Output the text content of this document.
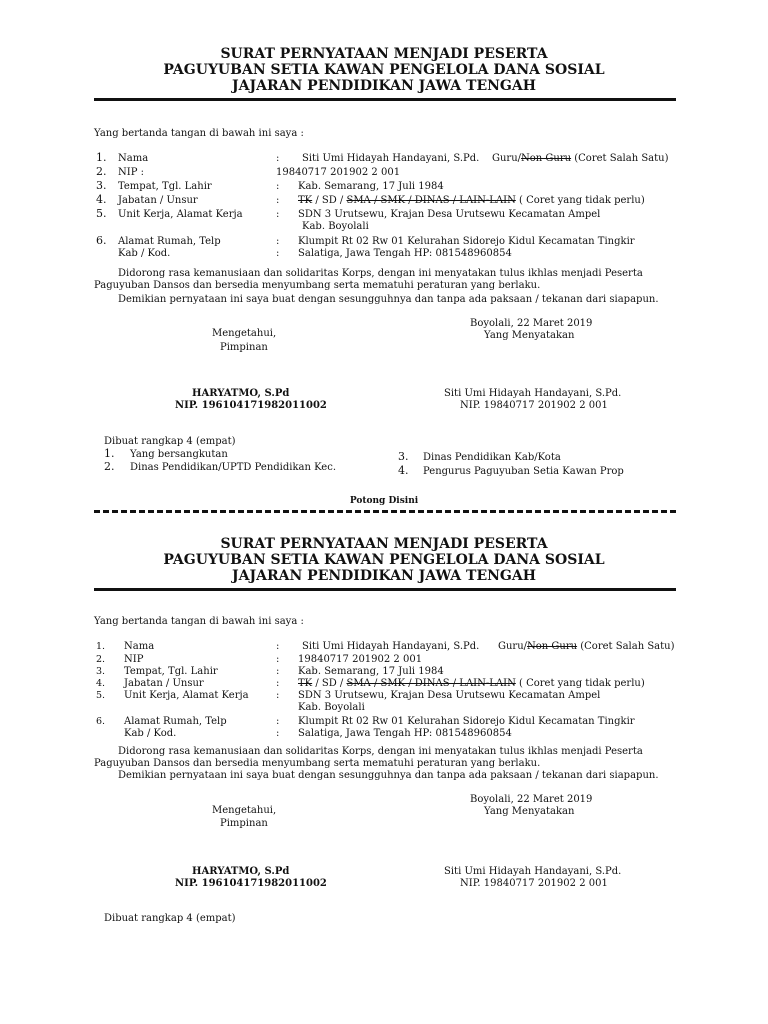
SURAT PERNYATAAN MENJADI PESERTA
PAGUYUBAN SETIA KAWAN PENGELOLA DANA SOSIAL
JAJARAN PENDIDIKAN JAWA TENGAH
Yang bertanda tangan di bawah ini saya :
1. Nama	: Siti Umi Hidayah Handayani, S.Pd. Guru/Non Guru (Coret Salah Satu)
2. NIP :	19840717 201902 2 001
3. Tempat, Tgl. Lahir	: Kab. Semarang, 17 Juli 1984
4. Jabatan / Unsur	: TK / SD / SMA / SMK / DINAS / LAIN-LAIN ( Coret yang tidak perlu)
5. Unit Kerja, Alamat Kerja	: SDN 3 Urutsewu, Krajan Desa Urutsewu Kecamatan Ampel
Kab. Boyolali
6. Alamat Rumah, Telp	: Klumpit Rt 02 Rw 01 Kelurahan Sidorejo Kidul Kecamatan Tingkir
Kab / Kod.	: Salatiga, Jawa Tengah HP: 081548960854
Didorong rasa kemanusiaan dan solidaritas Korps, dengan ini menyatakan tulus ikhlas menjadi Peserta
Paguyuban Dansos dan bersedia menyumbang serta mematuhi peraturan yang berlaku.
Demikian pernyataan ini saya buat dengan sesungguhnya dan tanpa ada paksaan / tekanan dari siapapun.
Boyolali, 22 Maret 2019
Yang Menyatakan
Mengetahui,
Pimpinan
HARYATMO, S.Pd
NIP. 196104171982011002
Siti Umi Hidayah Handayani, S.Pd.
NIP. 19840717 201902 2 001
Dibuat rangkap 4 (empat)
1. Yang bersangkutan
2. Dinas Pendidikan/UPTD Pendidikan Kec.
3. Dinas Pendidikan Kab/Kota
4. Pengurus Paguyuban Setia Kawan Prop
Potong Disini
SURAT PERNYATAAN MENJADI PESERTA
PAGUYUBAN SETIA KAWAN PENGELOLA DANA SOSIAL
JAJARAN PENDIDIKAN JAWA TENGAH
Yang bertanda tangan di bawah ini saya :
1. Nama	: Siti Umi Hidayah Handayani, S.Pd. Guru/Non Guru (Coret Salah Satu)
2. NIP	: 19840717 201902 2 001
3. Tempat, Tgl. Lahir	: Kab. Semarang, 17 Juli 1984
4. Jabatan / Unsur	: TK / SD / SMA / SMK / DINAS / LAIN-LAIN ( Coret yang tidak perlu)
5. Unit Kerja, Alamat Kerja	: SDN 3 Urutsewu, Krajan Desa Urutsewu Kecamatan Ampel
Kab. Boyolali
6. Alamat Rumah, Telp	: Klumpit Rt 02 Rw 01 Kelurahan Sidorejo Kidul Kecamatan Tingkir
Kab / Kod.	: Salatiga, Jawa Tengah HP: 081548960854
Didorong rasa kemanusiaan dan solidaritas Korps, dengan ini menyatakan tulus ikhlas menjadi Peserta
Paguyuban Dansos dan bersedia menyumbang serta mematuhi peraturan yang berlaku.
Demikian pernyataan ini saya buat dengan sesungguhnya dan tanpa ada paksaan / tekanan dari siapapun.
Boyolali, 22 Maret 2019
Yang Menyatakan
Mengetahui,
Pimpinan
HARYATMO, S.Pd
NIP. 196104171982011002
Siti Umi Hidayah Handayani, S.Pd.
NIP. 19840717 201902 2 001
Dibuat rangkap 4 (empat)
